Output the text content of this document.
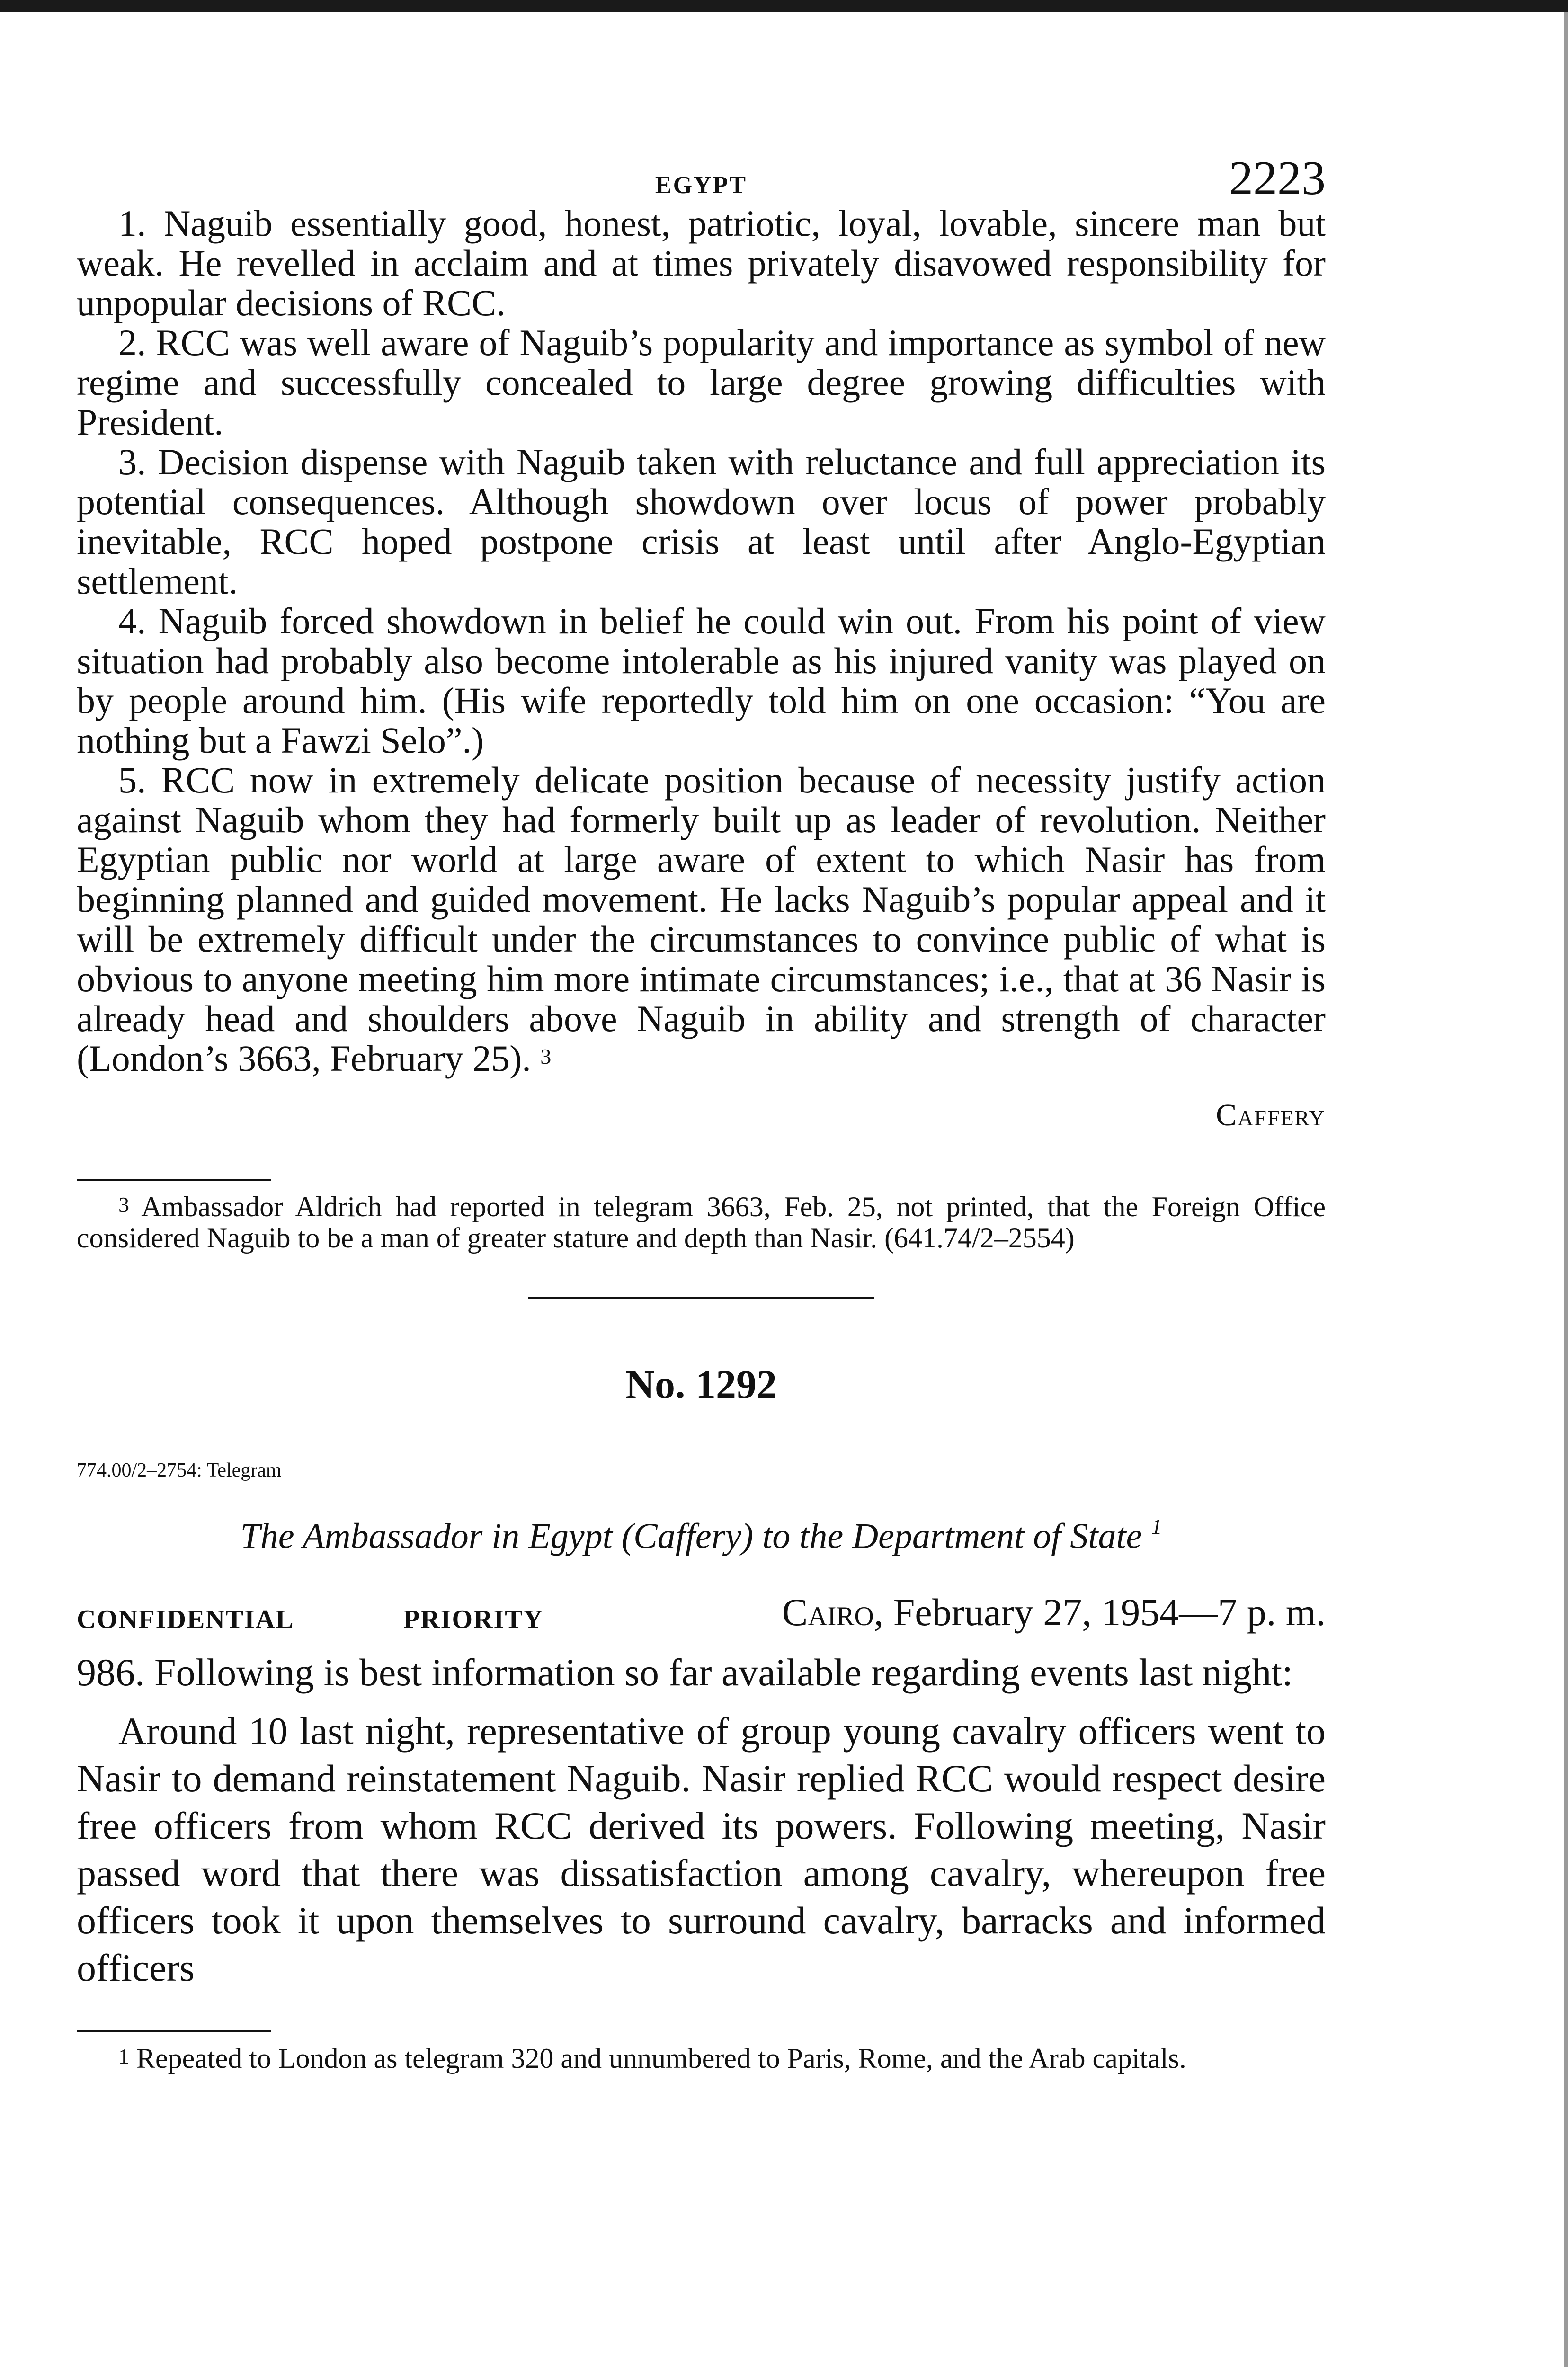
EGYPT	2223

1. Naguib essentially good, honest, patriotic, loyal, lovable, sincere man but weak. He revelled in acclaim and at times privately disavowed responsibility for unpopular decisions of RCC.

2. RCC was well aware of Naguib’s popularity and importance as symbol of new regime and successfully concealed to large degree growing difficulties with President.

3. Decision dispense with Naguib taken with reluctance and full appreciation its potential consequences. Although showdown over locus of power probably inevitable, RCC hoped postpone crisis at least until after Anglo-Egyptian settlement.

4. Naguib forced showdown in belief he could win out. From his point of view situation had probably also become intolerable as his injured vanity was played on by people around him. (His wife reportedly told him on one occasion: “You are nothing but a Fawzi Selo”.)

5. RCC now in extremely delicate position because of necessity justify action against Naguib whom they had formerly built up as leader of revolution. Neither Egyptian public nor world at large aware of extent to which Nasir has from beginning planned and guided movement. He lacks Naguib’s popular appeal and it will be extremely difficult under the circumstances to convince public of what is obvious to anyone meeting him more intimate circumstances; i.e., that at 36 Nasir is already head and shoulders above Naguib in ability and strength of character (London’s 3663, February 25). $^3$

Caffery
$^3$ Ambassador Aldrich had reported in telegram 3663, Feb. 25, not printed, that the Foreign Office considered Naguib to be a man of greater stature and depth than Nasir. (641.74/2–2554)
No. 1292
774.00/2–2754: Telegram
The Ambassador in Egypt (Caffery) to the Department of State $^1$
CONFIDENTIAL	PRIORITY	Cairo, February 27, 1954—7 p. m.

986. Following is best information so far available regarding events last night:

Around 10 last night, representative of group young cavalry officers went to Nasir to demand reinstatement Naguib. Nasir replied RCC would respect desire free officers from whom RCC derived its powers. Following meeting, Nasir passed word that there was dissatisfaction among cavalry, whereupon free officers took it upon themselves to surround cavalry, barracks and informed officers

$^1$ Repeated to London as telegram 320 and unnumbered to Paris, Rome, and the Arab capitals.
